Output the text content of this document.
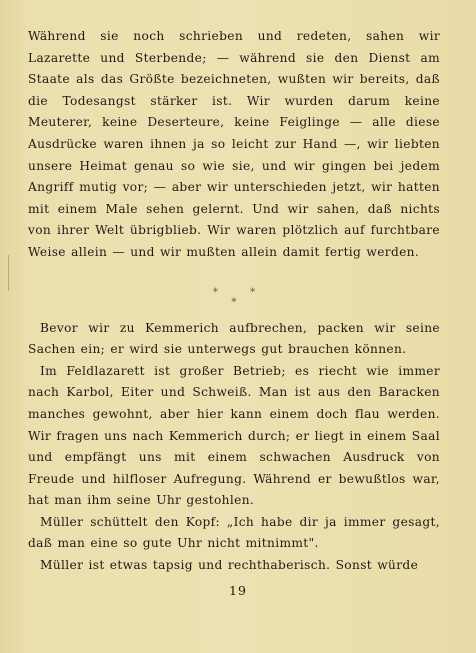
Während sie noch schrieben und redeten, sahen wir Lazarette und Sterbende; — während sie den Dienst am Staate als das Größte bezeichneten, wußten wir bereits, daß die Todesangst stärker ist. Wir wurden darum keine Meuterer, keine Deserteure, keine Feiglinge — alle diese Ausdrücke waren ihnen ja so leicht zur Hand —, wir liebten unsere Heimat genau so wie sie, und wir gingen bei jedem Angriff mutig vor; — aber wir unterschieden jetzt, wir hatten mit einem Male sehen gelernt. Und wir sahen, daß nichts von ihrer Welt übrigblieb. Wir waren plötzlich auf furchtbare Weise allein — und wir mußten allein damit fertig werden.

* *
*

Bevor wir zu Kemmerich aufbrechen, packen wir seine Sachen ein; er wird sie unterwegs gut brauchen können.

Im Feldlazarett ist großer Betrieb; es riecht wie immer nach Karbol, Eiter und Schweiß. Man ist aus den Baracken manches gewohnt, aber hier kann einem doch flau werden. Wir fragen uns nach Kemmerich durch; er liegt in einem Saal und empfängt uns mit einem schwachen Ausdruck von Freude und hilfloser Aufregung. Während er bewußtlos war, hat man ihm seine Uhr gestohlen.

Müller schüttelt den Kopf: „Ich habe dir ja immer gesagt, daß man eine so gute Uhr nicht mitnimmt".

Müller ist etwas tapsig und rechthaberisch. Sonst würde

19
